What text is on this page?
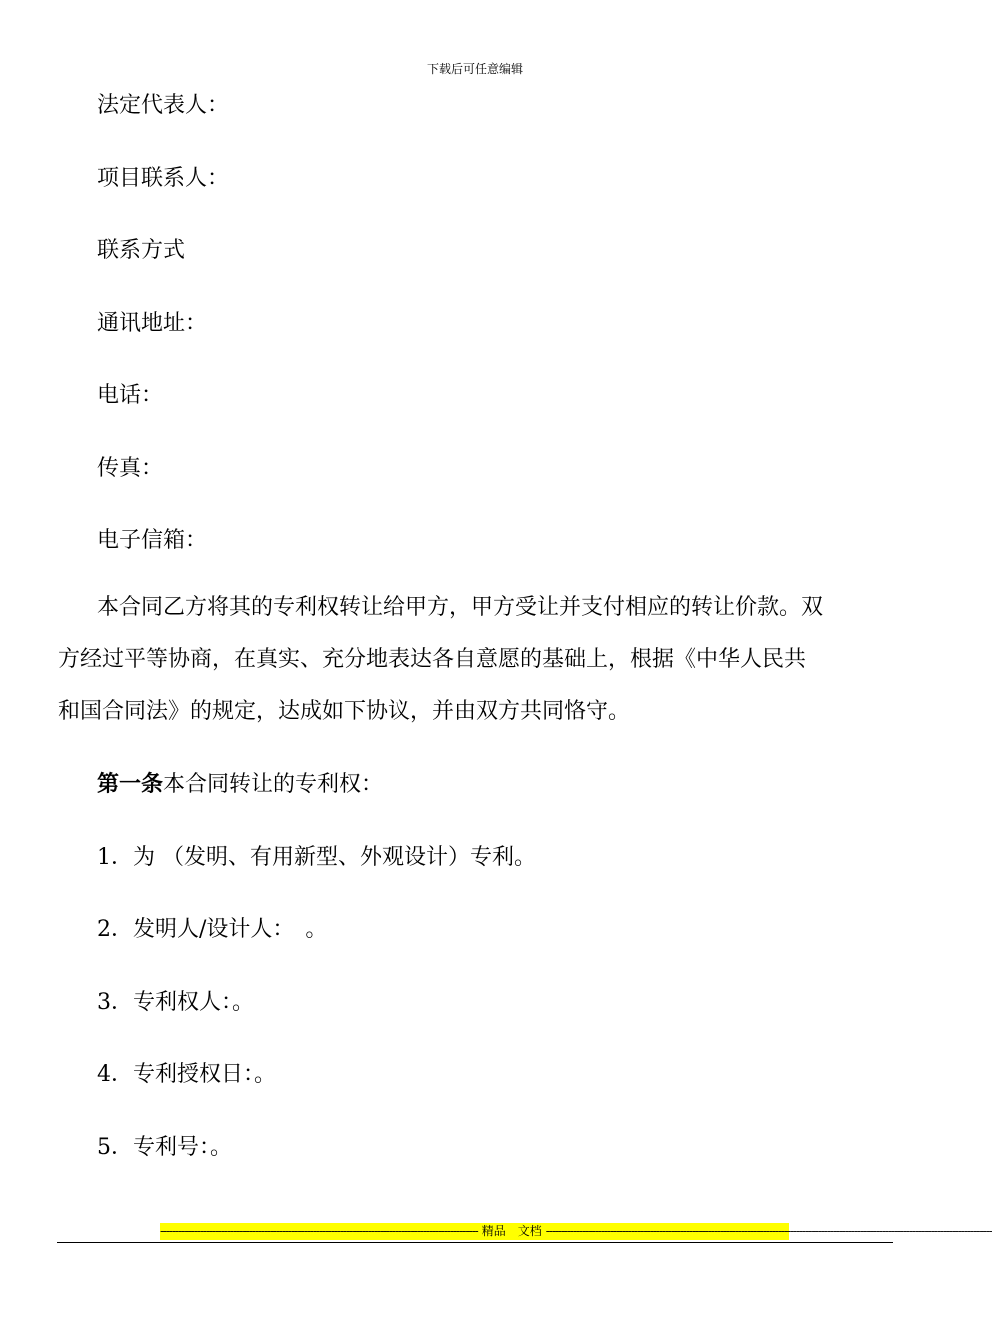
下载后可任意编辑
法定代表人：
项目联系人：
联系方式
通讯地址：
电话：
传真：
电子信箱：
本合同乙方将其的专利权转让给甲方，甲方受让并支付相应的转让价款。双
方经过平等协商，在真实、充分地表达各自意愿的基础上，根据《中华人民共
和国合同法》的规定，达成如下协议，并由双方共同恪守。
第一条本合同转让的专利权：
1．为 （发明、有用新型、外观设计）专利。
2．发明人/设计人：　。
3．专利权人：。
4．专利授权日：。
5．专利号：。
-------------------------------------------------------------------------------------------------------- 精品　文档 --------------------------------------------------------------------------------------------------------------------------------------------------
